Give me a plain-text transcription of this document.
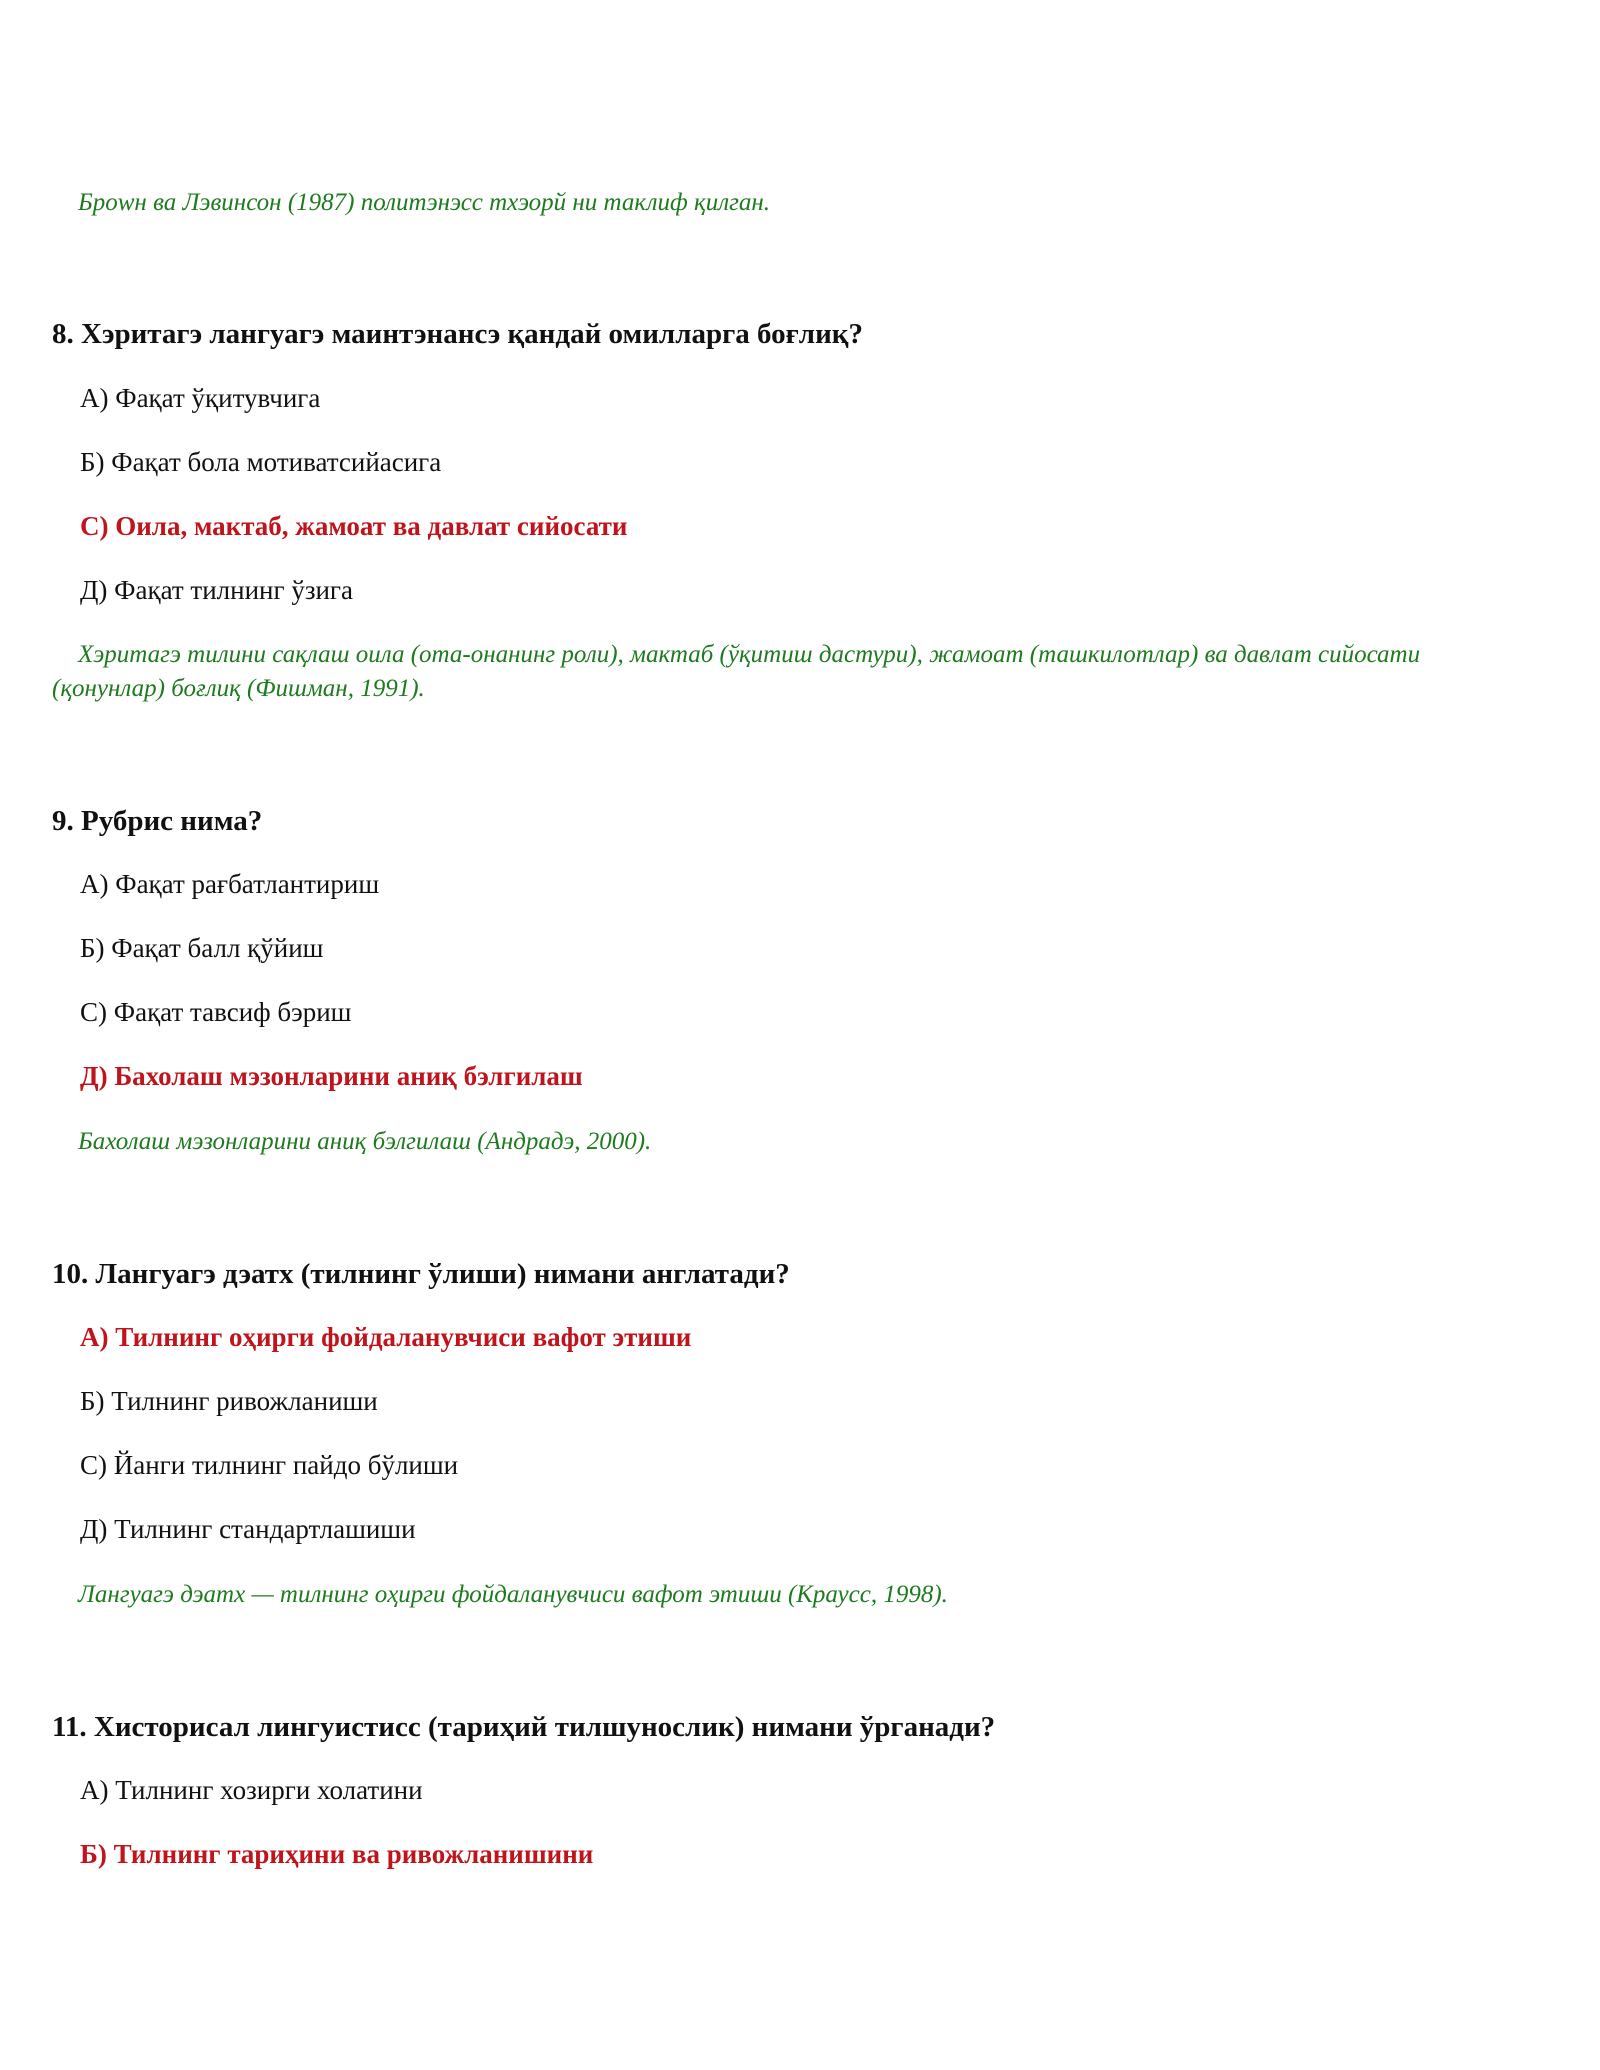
Броwн ва Лэвинсон (1987) политэнэсс тхэорй ни таклиф қилган.
8. Хэритагэ лангуагэ маинтэнансэ қандай омилларга боғлиқ?
А) Фақат ўқитувчига
Б) Фақат бола мотиватсийасига
С) Оила, мактаб, жамоат ва давлат сийосати
Д) Фақат тилнинг ўзига
Хэритагэ тилини сақлаш оила (ота-онанинг роли), мактаб (ўқитиш дастури), жамоат (ташкилотлар) ва давлат сийосати (қонунлар) боғлиқ (Фишман, 1991).
9. Рубрис нима?
А) Фақат рағбатлантириш
Б) Фақат балл қўйиш
С) Фақат тавсиф бэриш
Д) Бахолаш мэзонларини аниқ бэлгилаш
Бахолаш мэзонларини аниқ бэлгилаш (Андрадэ, 2000).
10. Лангуагэ дэатх (тилнинг ўлиши) нимани англатади?
А) Тилнинг оҳирги фойдаланувчиси вафот этиши
Б) Тилнинг ривожланиши
С) Йанги тилнинг пайдо бўлиши
Д) Тилнинг стандартлашиши
Лангуагэ дэатх — тилнинг оҳирги фойдаланувчиси вафот этиши (Краусс, 1998).
11. Хисторисал лингуистисс (тариҳий тилшунослик) нимани ўрганади?
А) Тилнинг хозирги холатини
Б) Тилнинг тариҳини ва ривожланишини
